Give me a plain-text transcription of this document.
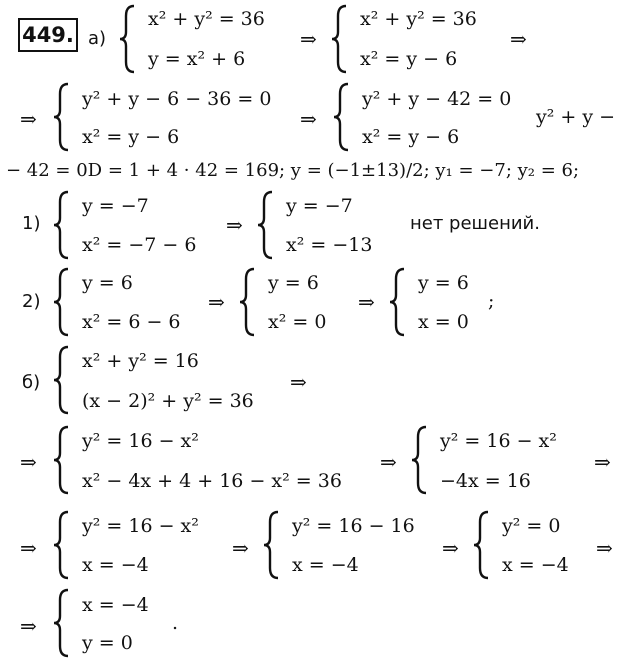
449. а)
x² + y² = 36
y = x² + 6
⇒
x² + y² = 36
x² = y − 6
⇒
⇒
y² + y − 6 − 36 = 0
x² = y − 6
⇒
y² + y − 42 = 0
x² = y − 6
y² + y −
− 42 = 0D = 1 + 4 · 42 = 169; y = (−1±13)/2; y₁ = −7; y₂ = 6;
1)
y = −7
x² = −7 − 6
⇒
y = −7
x² = −13
нет решений.
2)
y = 6
x² = 6 − 6
⇒
y = 6
x² = 0
⇒
y = 6
x = 0
;
б)
x² + y² = 16
(x − 2)² + y² = 36
⇒
⇒
y² = 16 − x²
x² − 4x + 4 + 16 − x² = 36
⇒
y² = 16 − x²
−4x = 16
⇒
⇒
y² = 16 − x²
x = −4
⇒
y² = 16 − 16
x = −4
⇒
y² = 0
x = −4
⇒
⇒
x = −4
y = 0
.
